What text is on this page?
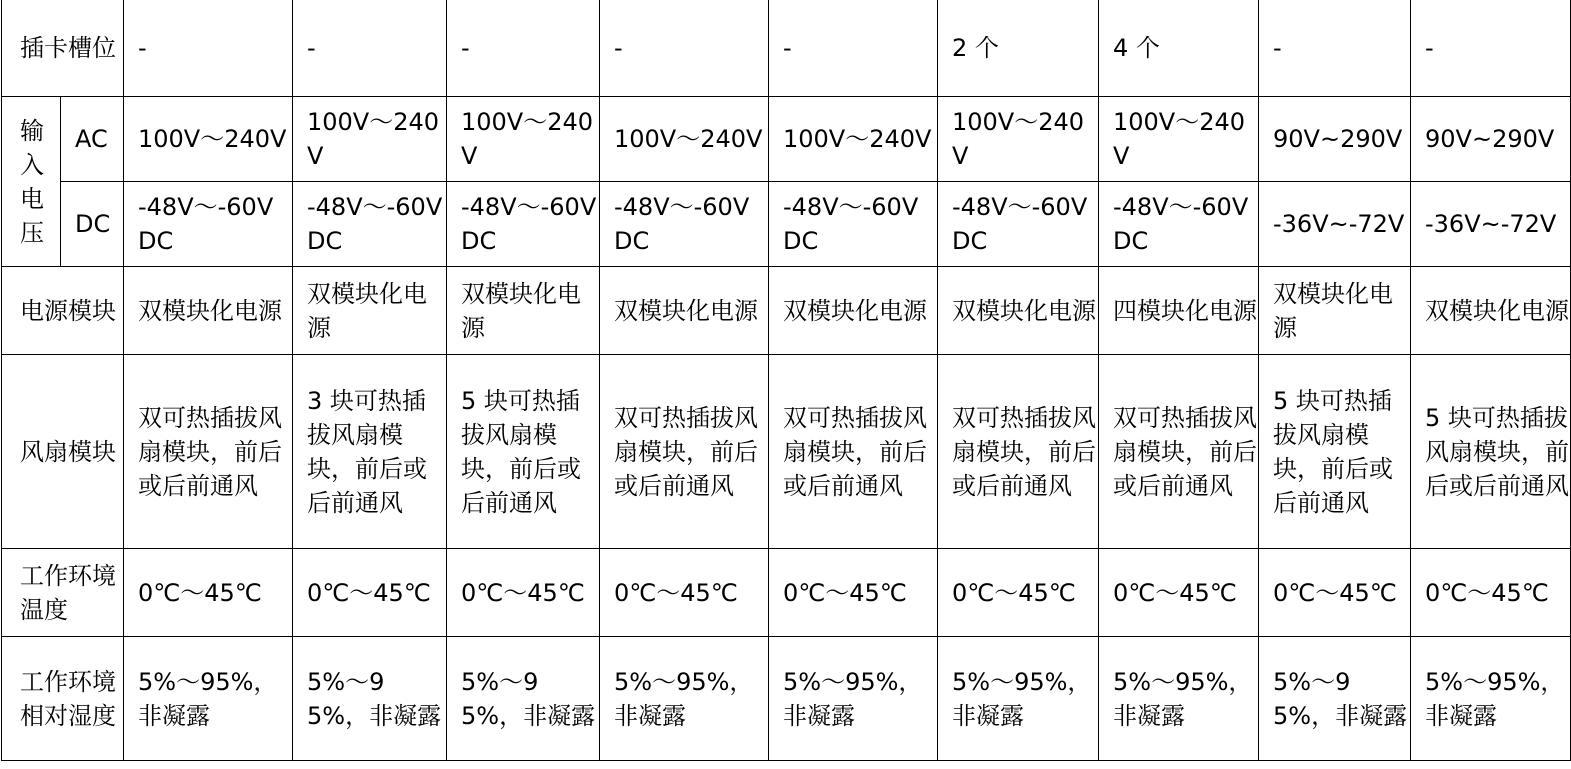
插卡槽位		-	-	-	-	-	2 个	4 个	-	-
输入电压	AC	100V～240V	100V～240V	100V～240V	100V～240V	100V～240V	100V～240V	100V～240V	90V~290V	90V~290V
	DC	-48V～-60V DC	-48V～-60V DC	-48V～-60V DC	-48V～-60V DC	-48V～-60V DC	-48V～-60V DC	-48V～-60V DC	-36V~-72V	-36V~-72V
电源模块		双模块化电源	双模块化电源	双模块化电源	双模块化电源	双模块化电源	双模块化电源	四模块化电源	双模块化电源	双模块化电源
风扇模块		双可热插拔风扇模块，前后或后前通风	3 块可热插拔风扇模块，前后或后前通风	5 块可热插拔风扇模块，前后或后前通风	双可热插拔风扇模块，前后或后前通风	双可热插拔风扇模块，前后或后前通风	双可热插拔风扇模块，前后或后前通风	双可热插拔风扇模块，前后或后前通风	5 块可热插拔风扇模块，前后或后前通风	5 块可热插拔风扇模块，前后或后前通风
工作环境温度		0℃～45℃	0℃～45℃	0℃～45℃	0℃～45℃	0℃～45℃	0℃～45℃	0℃～45℃	0℃～45℃	0℃～45℃
工作环境相对湿度		5%～95%，非凝露	5%～95%，非凝露	5%～95%，非凝露	5%～95%，非凝露	5%～95%，非凝露	5%～95%，非凝露	5%～95%，非凝露	5%～95%，非凝露	5%～95%，非凝露
